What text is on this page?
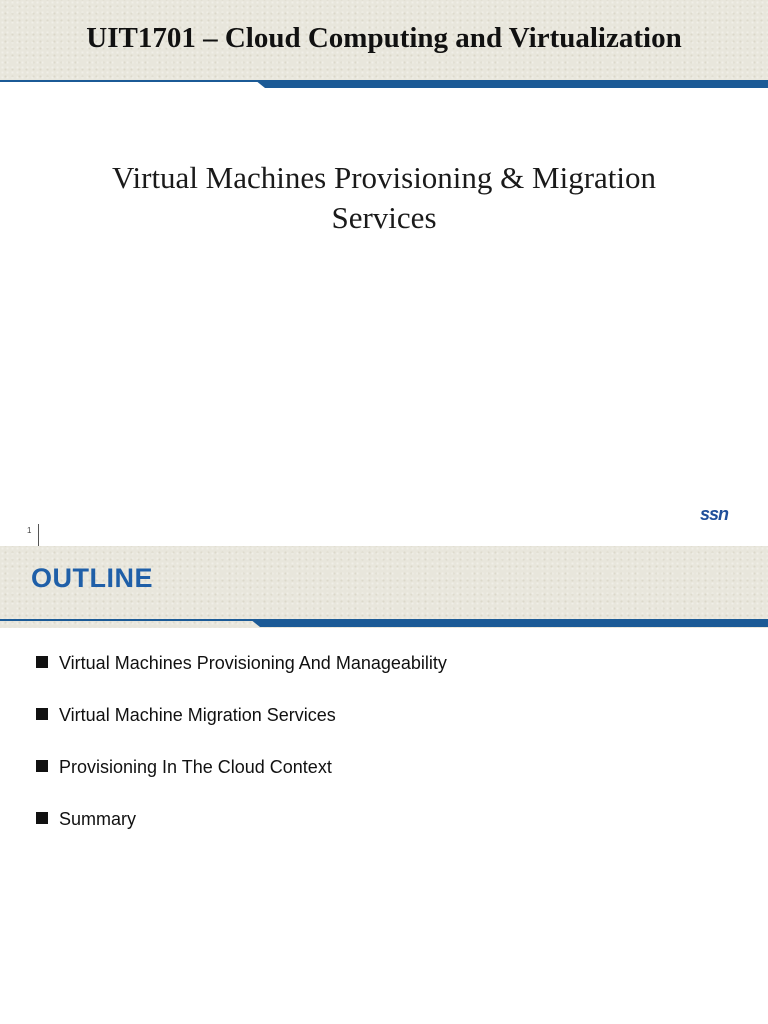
UIT1701 – Cloud Computing and Virtualization
Virtual Machines Provisioning & Migration Services
1
ssn
OUTLINE
Virtual Machines Provisioning And Manageability
Virtual Machine Migration Services
Provisioning In The Cloud Context
Summary
